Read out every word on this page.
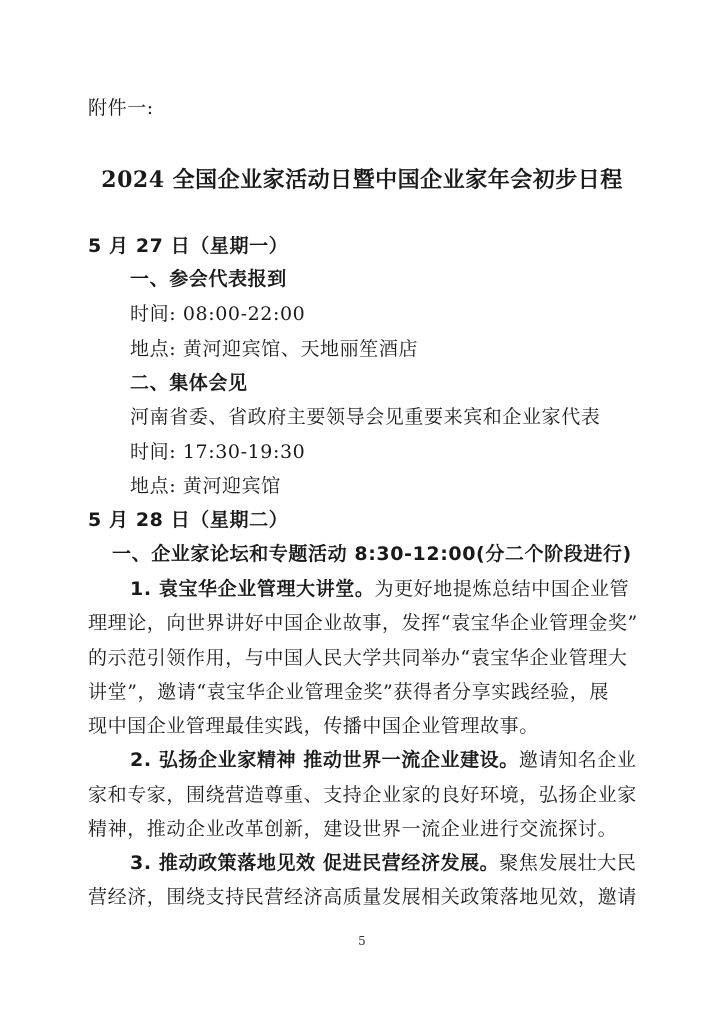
附件一:
2024 全国企业家活动日暨中国企业家年会初步日程
5 月 27 日（星期一）
一、参会代表报到
时间: 08:00-22:00
地点: 黄河迎宾馆、天地丽笙酒店
二、集体会见
河南省委、省政府主要领导会见重要来宾和企业家代表
时间: 17:30-19:30
地点: 黄河迎宾馆
5 月 28 日（星期二）
一、企业家论坛和专题活动 8:30-12:00(分二个阶段进行)
1. 袁宝华企业管理大讲堂。为更好地提炼总结中国企业管
理理论，向世界讲好中国企业故事，发挥“袁宝华企业管理金奖”
的示范引领作用，与中国人民大学共同举办“袁宝华企业管理大
讲堂”，邀请“袁宝华企业管理金奖”获得者分享实践经验，展
现中国企业管理最佳实践，传播中国企业管理故事。
2. 弘扬企业家精神 推动世界一流企业建设。邀请知名企业
家和专家，围绕营造尊重、支持企业家的良好环境，弘扬企业家
精神，推动企业改革创新，建设世界一流企业进行交流探讨。
3. 推动政策落地见效 促进民营经济发展。聚焦发展壮大民
营经济，围绕支持民营经济高质量发展相关政策落地见效，邀请
5
